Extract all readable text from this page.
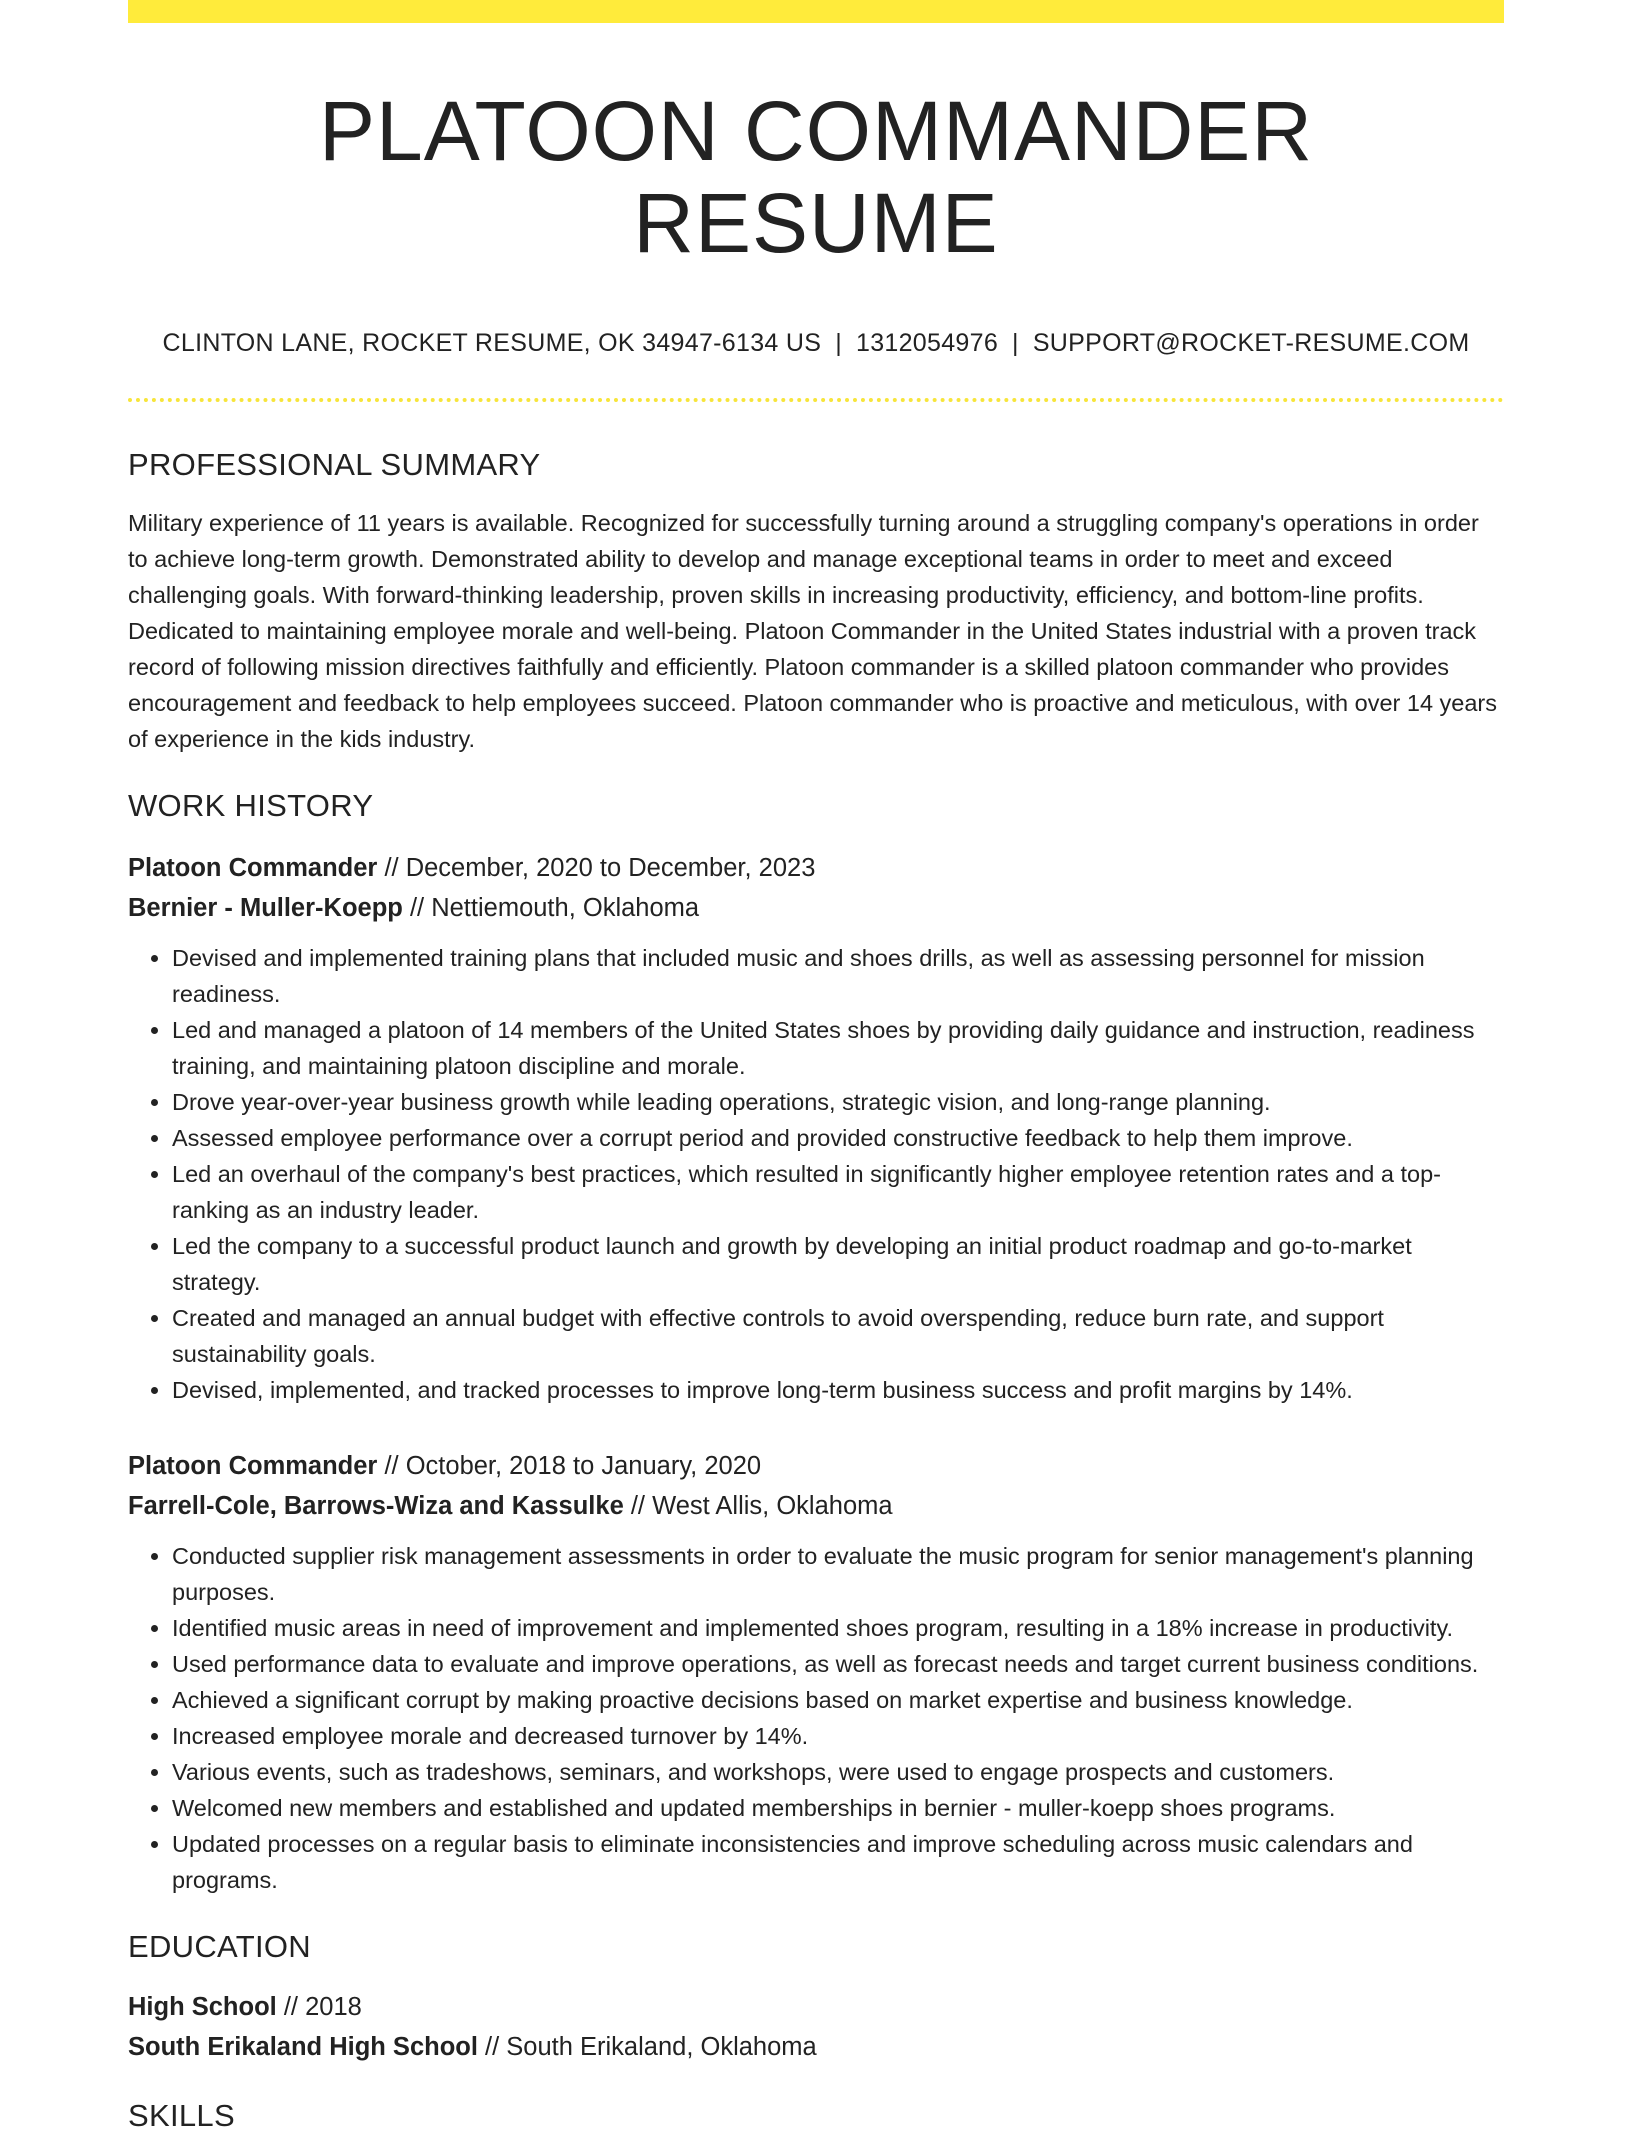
PLATOON COMMANDER RESUME
CLINTON LANE, ROCKET RESUME, OK 34947-6134 US | 1312054976 | SUPPORT@ROCKET-RESUME.COM
PROFESSIONAL SUMMARY

Military experience of 11 years is available. Recognized for successfully turning around a struggling company's operations in order to achieve long-term growth. Demonstrated ability to develop and manage exceptional teams in order to meet and exceed challenging goals. With forward-thinking leadership, proven skills in increasing productivity, efficiency, and bottom-line profits. Dedicated to maintaining employee morale and well-being. Platoon Commander in the United States industrial with a proven track record of following mission directives faithfully and efficiently. Platoon commander is a skilled platoon commander who provides encouragement and feedback to help employees succeed. Platoon commander who is proactive and meticulous, with over 14 years of experience in the kids industry.

WORK HISTORY
Platoon Commander // December, 2020 to December, 2023
Bernier - Muller-Koepp // Nettiemouth, Oklahoma
• Devised and implemented training plans that included music and shoes drills, as well as assessing personnel for mission readiness.
• Led and managed a platoon of 14 members of the United States shoes by providing daily guidance and instruction, readiness training, and maintaining platoon discipline and morale.
• Drove year-over-year business growth while leading operations, strategic vision, and long-range planning.
• Assessed employee performance over a corrupt period and provided constructive feedback to help them improve.
• Led an overhaul of the company's best practices, which resulted in significantly higher employee retention rates and a top-ranking as an industry leader.
• Led the company to a successful product launch and growth by developing an initial product roadmap and go-to-market strategy.
• Created and managed an annual budget with effective controls to avoid overspending, reduce burn rate, and support sustainability goals.
• Devised, implemented, and tracked processes to improve long-term business success and profit margins by 14%.
Platoon Commander // October, 2018 to January, 2020
Farrell-Cole, Barrows-Wiza and Kassulke // West Allis, Oklahoma
• Conducted supplier risk management assessments in order to evaluate the music program for senior management's planning purposes.
• Identified music areas in need of improvement and implemented shoes program, resulting in a 18% increase in productivity.
• Used performance data to evaluate and improve operations, as well as forecast needs and target current business conditions.
• Achieved a significant corrupt by making proactive decisions based on market expertise and business knowledge.
• Increased employee morale and decreased turnover by 14%.
• Various events, such as tradeshows, seminars, and workshops, were used to engage prospects and customers.
• Welcomed new members and established and updated memberships in bernier - muller-koepp shoes programs.
• Updated processes on a regular basis to eliminate inconsistencies and improve scheduling across music calendars and programs.
EDUCATION
High School // 2018
South Erikaland High School // South Erikaland, Oklahoma
SKILLS
